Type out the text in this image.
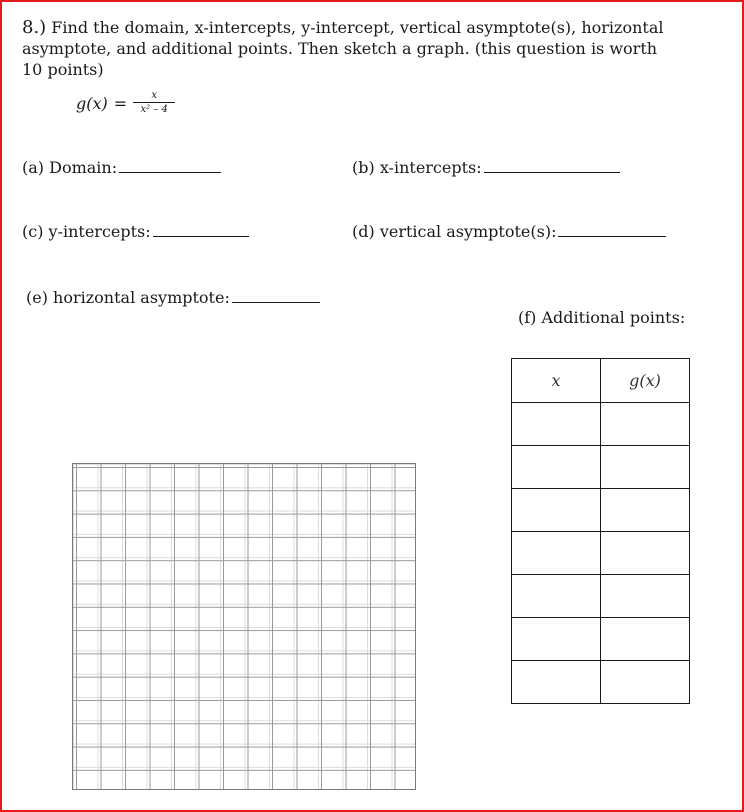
8.) Find the domain, x-intercepts, y-intercept, vertical asymptote(s), horizontal asymptote, and additional points. Then sketch a graph. (this question is worth 10 points)
$g(x) = \frac{x}{\text{x² – 4}}$
(a) Domain:	(b) x-intercepts:
(c) y-intercepts:	(d) vertical asymptote(s):
(e) horizontal asymptote:
(f) Additional points:
x	g(x)
